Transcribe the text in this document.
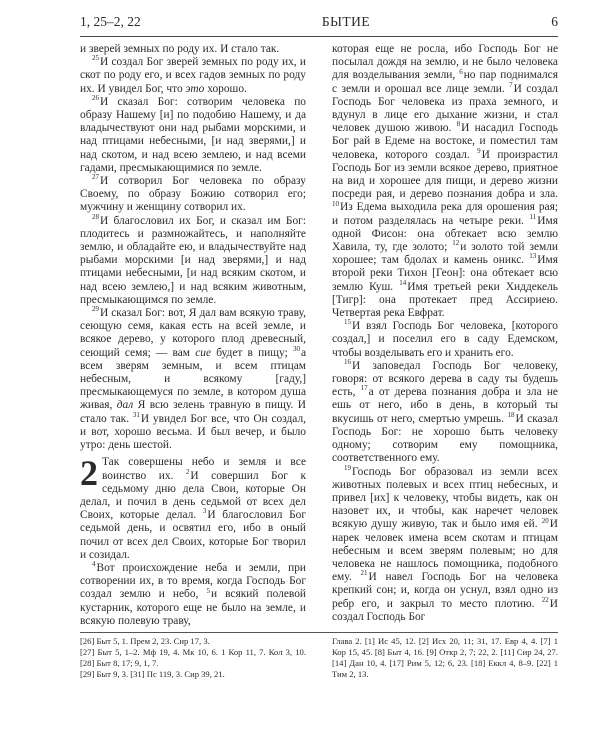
1, 25–2, 22	БЫТИЕ	6

и зверей земных по роду их. И стало так.

$^{25}$И создал Бог зверей земных по роду их, и скот по роду его, и всех гадов земных по роду их. И увидел Бог, что это хорошо.

$^{26}$И сказал Бог: сотворим человека по образу Нашему [и] по подобию Нашему, и да владычествуют они над рыбами морскими, и над птицами небесными, [и над зверями,] и над скотом, и над всею землею, и над всеми гадами, пресмыкающимися по земле.

$^{27}$И сотворил Бог человека по образу Своему, по образу Божию сотворил его; мужчину и женщину сотворил их.

$^{28}$И благословил их Бог, и сказал им Бог: плодитесь и размножайтесь, и наполняйте землю, и обладайте ею, и владычествуйте над рыбами морскими [и над зверями,] и над птицами небесными, [и над всяким скотом, и над всею землею,] и над всяким животным, пресмыкающимся по земле.

$^{29}$И сказал Бог: вот, Я дал вам всякую траву, сеющую семя, какая есть на всей земле, и всякое дерево, у которого плод древесный, сеющий семя; — вам сие будет в пищу; $^{30}$а всем зверям земным, и всем птицам небесным, и всякому [гаду,] пресмыкающемуся по земле, в котором душа живая, дал Я всю зелень травную в пищу. И стало так. $^{31}$И увидел Бог все, что Он создал, и вот, хорошо весьма. И был вечер, и было утро: день шестой.

2 Так совершены небо и земля и все воинство их. $^2$И совершил Бог к седьмому дню дела Свои, которые Он делал, и почил в день седьмой от всех дел Своих, которые делал. $^3$И благословил Бог седьмой день, и освятил его, ибо в оный почил от всех дел Своих, которые Бог творил и созидал.

$^4$Вот происхождение неба и земли, при сотворении их, в то время, когда Господь Бог создал землю и небо, $^5$и всякий полевой кустарник, которого еще не было на земле, и всякую полевую траву,

которая еще не росла, ибо Господь Бог не посылал дождя на землю, и не было человека для возделывания земли, $^6$но пар поднимался с земли и орошал все лице земли. $^7$И создал Господь Бог человека из праха земного, и вдунул в лице его дыхание жизни, и стал человек душою живою. $^8$И насадил Господь Бог рай в Едеме на востоке, и поместил там человека, которого создал. $^9$И произрастил Господь Бог из земли всякое дерево, приятное на вид и хорошее для пищи, и дерево жизни посреди рая, и дерево познания добра и зла. $^{10}$Из Едема выходила река для орошения рая; и потом разделялась на четыре реки. $^{11}$Имя одной Фисон: она обтекает всю землю Хавила, ту, где золото; $^{12}$и золото той земли хорошее; там бдолах и камень оникс. $^{13}$Имя второй реки Тихон [Геон]: она обтекает всю землю Куш. $^{14}$Имя третьей реки Хиддекель [Тигр]: она протекает пред Ассириею. Четвертая река Евфрат.

$^{15}$И взял Господь Бог человека, [которого создал,] и поселил его в саду Едемском, чтобы возделывать его и хранить его.

$^{16}$И заповедал Господь Бог человеку, говоря: от всякого дерева в саду ты будешь есть, $^{17}$а от дерева познания добра и зла не ешь от него, ибо в день, в который ты вкусишь от него, смертью умрешь. $^{18}$И сказал Господь Бог: не хорошо быть человеку одному; сотворим ему помощника, соответственного ему.

$^{19}$Господь Бог образовал из земли всех животных полевых и всех птиц небесных, и привел [их] к человеку, чтобы видеть, как он назовет их, и чтобы, как наречет человек всякую душу живую, так и было имя ей. $^{20}$И нарек человек имена всем скотам и птицам небесным и всем зверям полевым; но для человека не нашлось помощника, подобного ему. $^{21}$И навел Господь Бог на человека крепкий сон; и, когда он уснул, взял одно из ребр его, и закрыл то место плотию. $^{22}$И создал Господь Бог

[26] Быт 5, 1. Прем 2, 23. Сир 17, 3.

[27] Быт 5, 1–2. Мф 19, 4. Мк 10, 6. 1 Кор 11, 7. Кол 3, 10. [28] Быт 8, 17; 9, 1, 7.

[29] Быт 9, 3. [31] Пс 119, 3. Сир 39, 21.

Глава 2. [1] Ис 45, 12. [2] Исх 20, 11; 31, 17. Евр 4, 4. [7] 1 Кор 15, 45. [8] Быт 4, 16. [9] Откр 2, 7; 22, 2. [11] Сир 24, 27. [14] Дан 10, 4. [17] Рим 5, 12; 6, 23. [18] Еккл 4, 8–9. [22] 1 Тим 2, 13.
